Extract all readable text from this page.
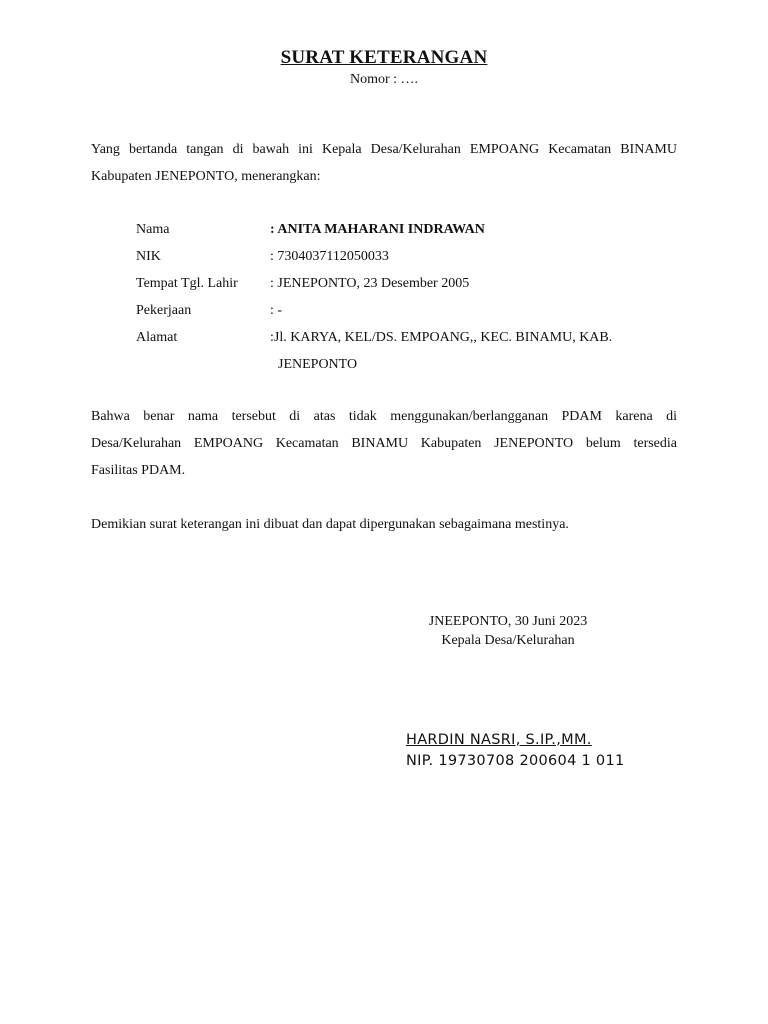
SURAT KETERANGAN
Nomor : ….
Yang bertanda tangan di bawah ini Kepala Desa/Kelurahan EMPOANG Kecamatan BINAMU
Kabupaten JENEPONTO, menerangkan:
Nama	: ANITA MAHARANI INDRAWAN
NIK	: 7304037112050033
Tempat Tgl. Lahir	: JENEPONTO, 23 Desember 2005
Pekerjaan	: -
Alamat	:Jl. KARYA, KEL/DS. EMPOANG,, KEC. BINAMU, KAB.
JENEPONTO
Bahwa benar nama tersebut di atas tidak menggunakan/berlangganan PDAM karena di
Desa/Kelurahan EMPOANG Kecamatan BINAMU Kabupaten JENEPONTO belum tersedia
Fasilitas PDAM.
Demikian surat keterangan ini dibuat dan dapat dipergunakan sebagaimana mestinya.
JNEEPONTO, 30 Juni 2023
Kepala Desa/Kelurahan
HARDIN NASRI, S.IP.,MM.
NIP. 19730708 200604 1 011
